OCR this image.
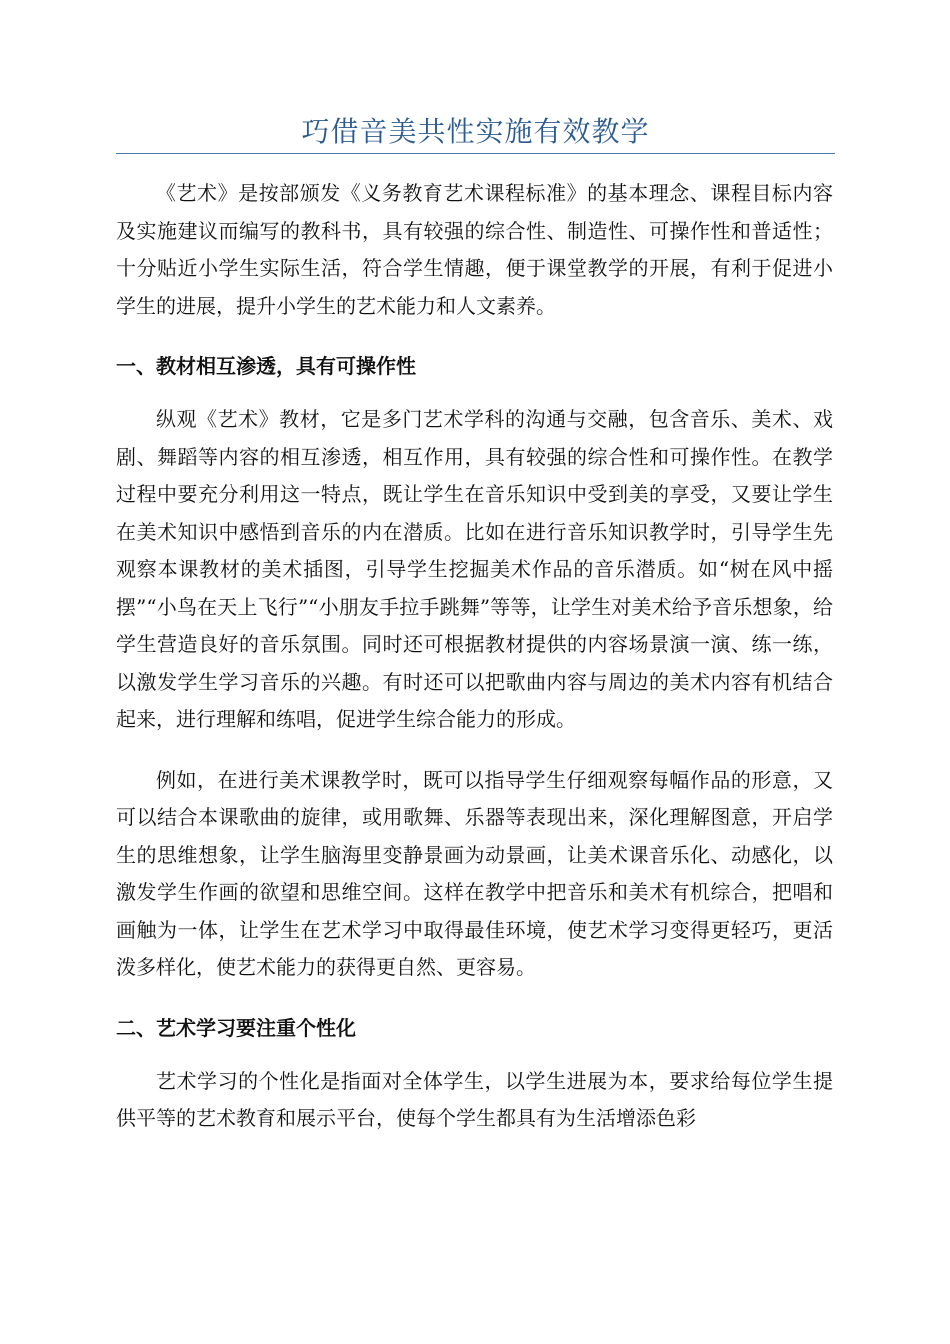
巧借音美共性实施有效教学

《艺术》是按部颁发《义务教育艺术课程标准》的基本理念、课程目标内容及实施建议而编写的教科书，具有较强的综合性、制造性、可操作性和普适性；十分贴近小学生实际生活，符合学生情趣，便于课堂教学的开展，有利于促进小学生的进展，提升小学生的艺术能力和人文素养。

一、教材相互渗透，具有可操作性

纵观《艺术》教材，它是多门艺术学科的沟通与交融，包含音乐、美术、戏剧、舞蹈等内容的相互渗透，相互作用，具有较强的综合性和可操作性。在教学过程中要充分利用这一特点，既让学生在音乐知识中受到美的享受，又要让学生在美术知识中感悟到音乐的内在潜质。比如在进行音乐知识教学时，引导学生先观察本课教材的美术插图，引导学生挖掘美术作品的音乐潜质。如“树在风中摇摆”“小鸟在天上飞行”“小朋友手拉手跳舞”等等，让学生对美术给予音乐想象，给学生营造良好的音乐氛围。同时还可根据教材提供的内容场景演一演、练一练，以激发学生学习音乐的兴趣。有时还可以把歌曲内容与周边的美术内容有机结合起来，进行理解和练唱，促进学生综合能力的形成。

例如，在进行美术课教学时，既可以指导学生仔细观察每幅作品的形意，又可以结合本课歌曲的旋律，或用歌舞、乐器等表现出来，深化理解图意，开启学生的思维想象，让学生脑海里变静景画为动景画，让美术课音乐化、动感化，以激发学生作画的欲望和思维空间。这样在教学中把音乐和美术有机综合，把唱和画触为一体，让学生在艺术学习中取得最佳环境，使艺术学习变得更轻巧，更活泼多样化，使艺术能力的获得更自然、更容易。

二、艺术学习要注重个性化

艺术学习的个性化是指面对全体学生，以学生进展为本，要求给每位学生提供平等的艺术教育和展示平台，使每个学生都具有为生活增添色彩
